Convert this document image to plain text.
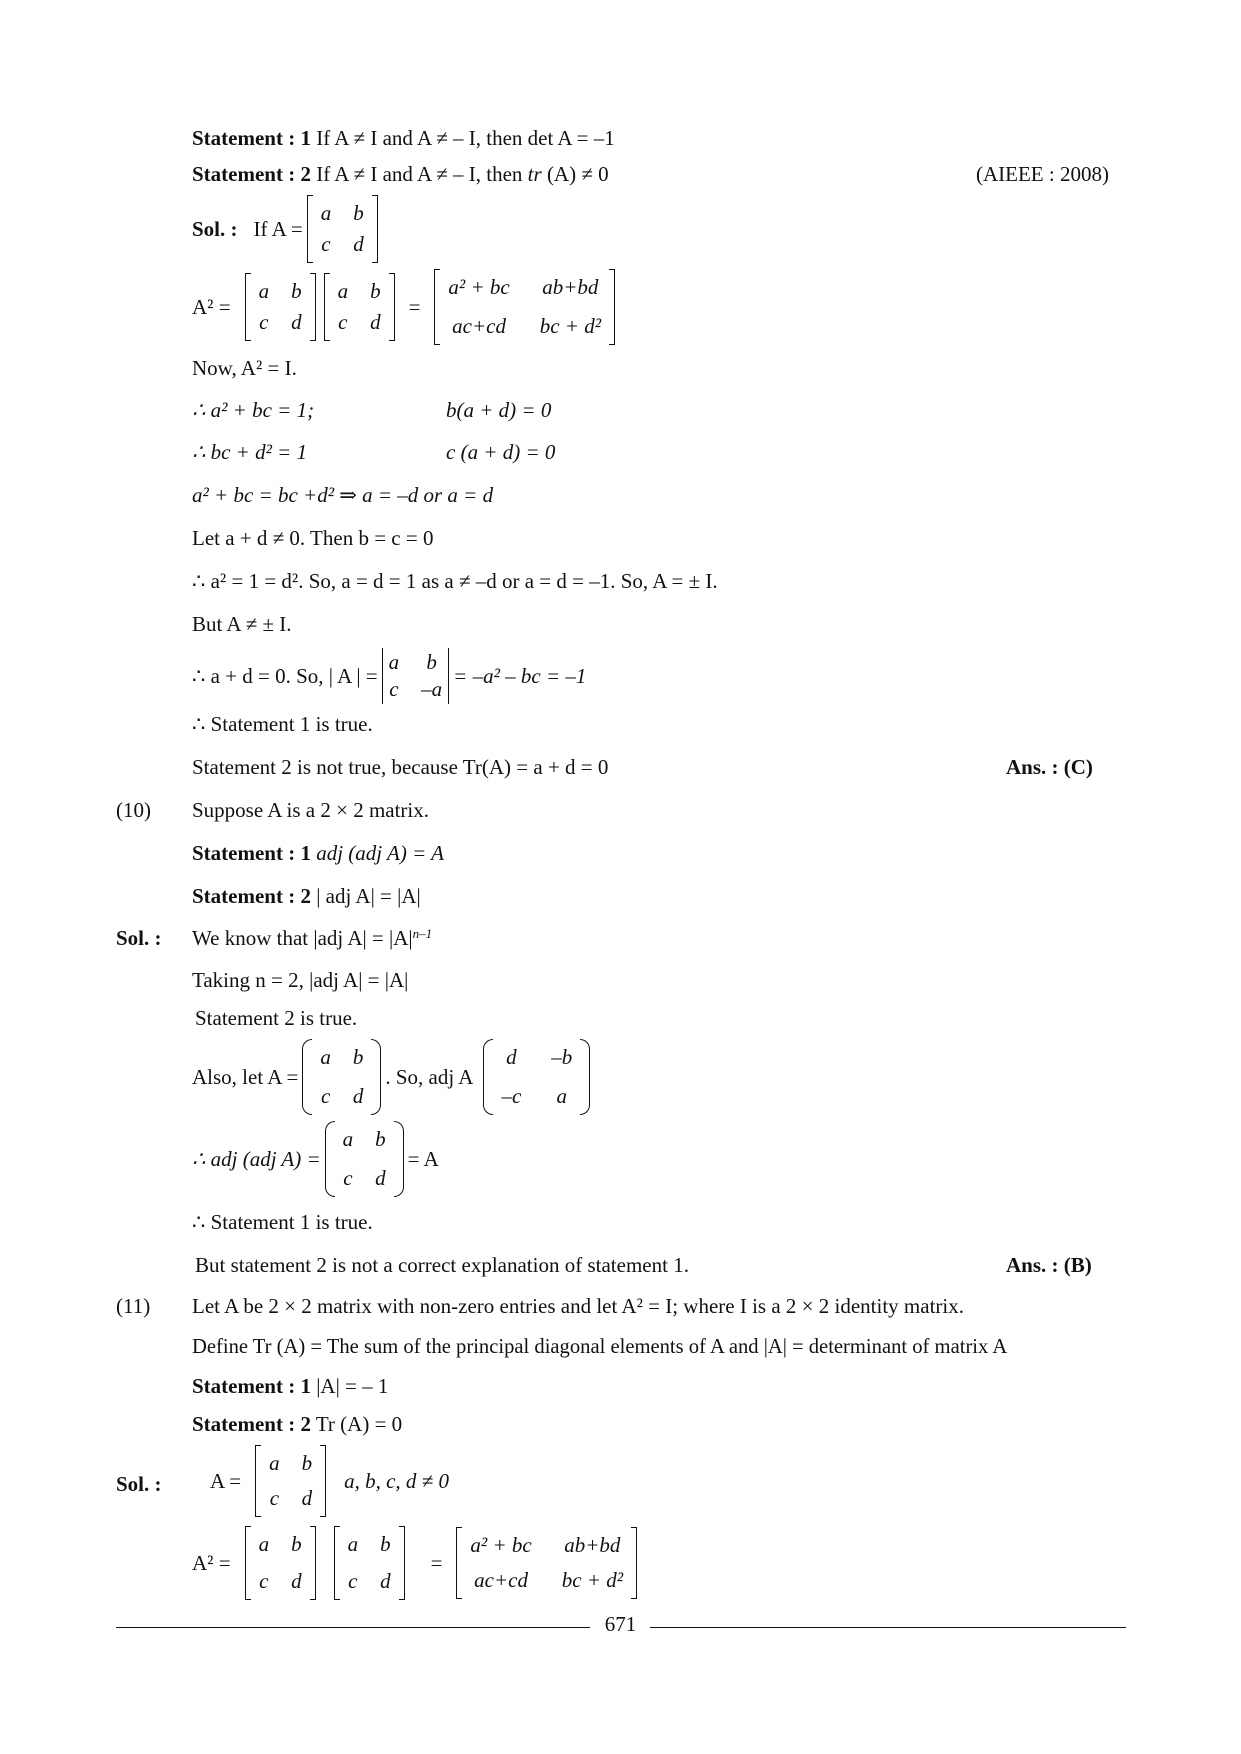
Statement : 1 If A ≠ I and A ≠ – I, then det A = –1
Statement : 2 If A ≠ I and A ≠ – I, then tr (A) ≠ 0	(AIEEE : 2008)
Sol. : If A =
a b
c d
A² =
a b
c d
a b
c d
=
a² + bc ab+bd
ac+cd bc + d²
Now, A² = I.
∴ a² + bc = 1;	b(a + d) = 0
∴ bc + d² = 1	c (a + d) = 0
a² + bc = bc +d² ⇒ a = –d or a = d
Let a + d ≠ 0. Then b = c = 0
∴ a² = 1 = d². So, a = d = 1 as a ≠ –d or a = d = –1. So, A = ± I.
But A ≠ ± I.
∴ a + d = 0. So, | A | =
a b
c –a
= –a² – bc = –1
∴ Statement 1 is true.
Statement 2 is not true, because Tr(A) = a + d = 0	Ans. : (C)
(10) Suppose A is a 2 × 2 matrix.
Statement : 1 adj (adj A) = A
Statement : 2 | adj A| = |A|
Sol. : We know that |adj $A| = |A|^{n-1}$
Taking n = 2, |adj A| = |A|
Statement 2 is true.
Also, let A =
a b
c d
. So, adj A
d –b
–c a
∴ adj (adj A) =
a b
c d
= A
∴ Statement 1 is true.
But statement 2 is not a correct explanation of statement 1.	Ans. : (B)
(11) Let A be 2 × 2 matrix with non-zero entries and let A² = I; where I is a 2 × 2 identity matrix.
Define Tr (A) = The sum of the principal diagonal elements of A and |A| = determinant of matrix A
Statement : 1 |A| = – 1
Statement : 2 Tr (A) = 0
Sol. : A =
a b
c d
a, b, c, d ≠ 0
A² =
a b
c d
a b
c d
=
a² + bc ab+bd
ac+cd bc + d²
671
